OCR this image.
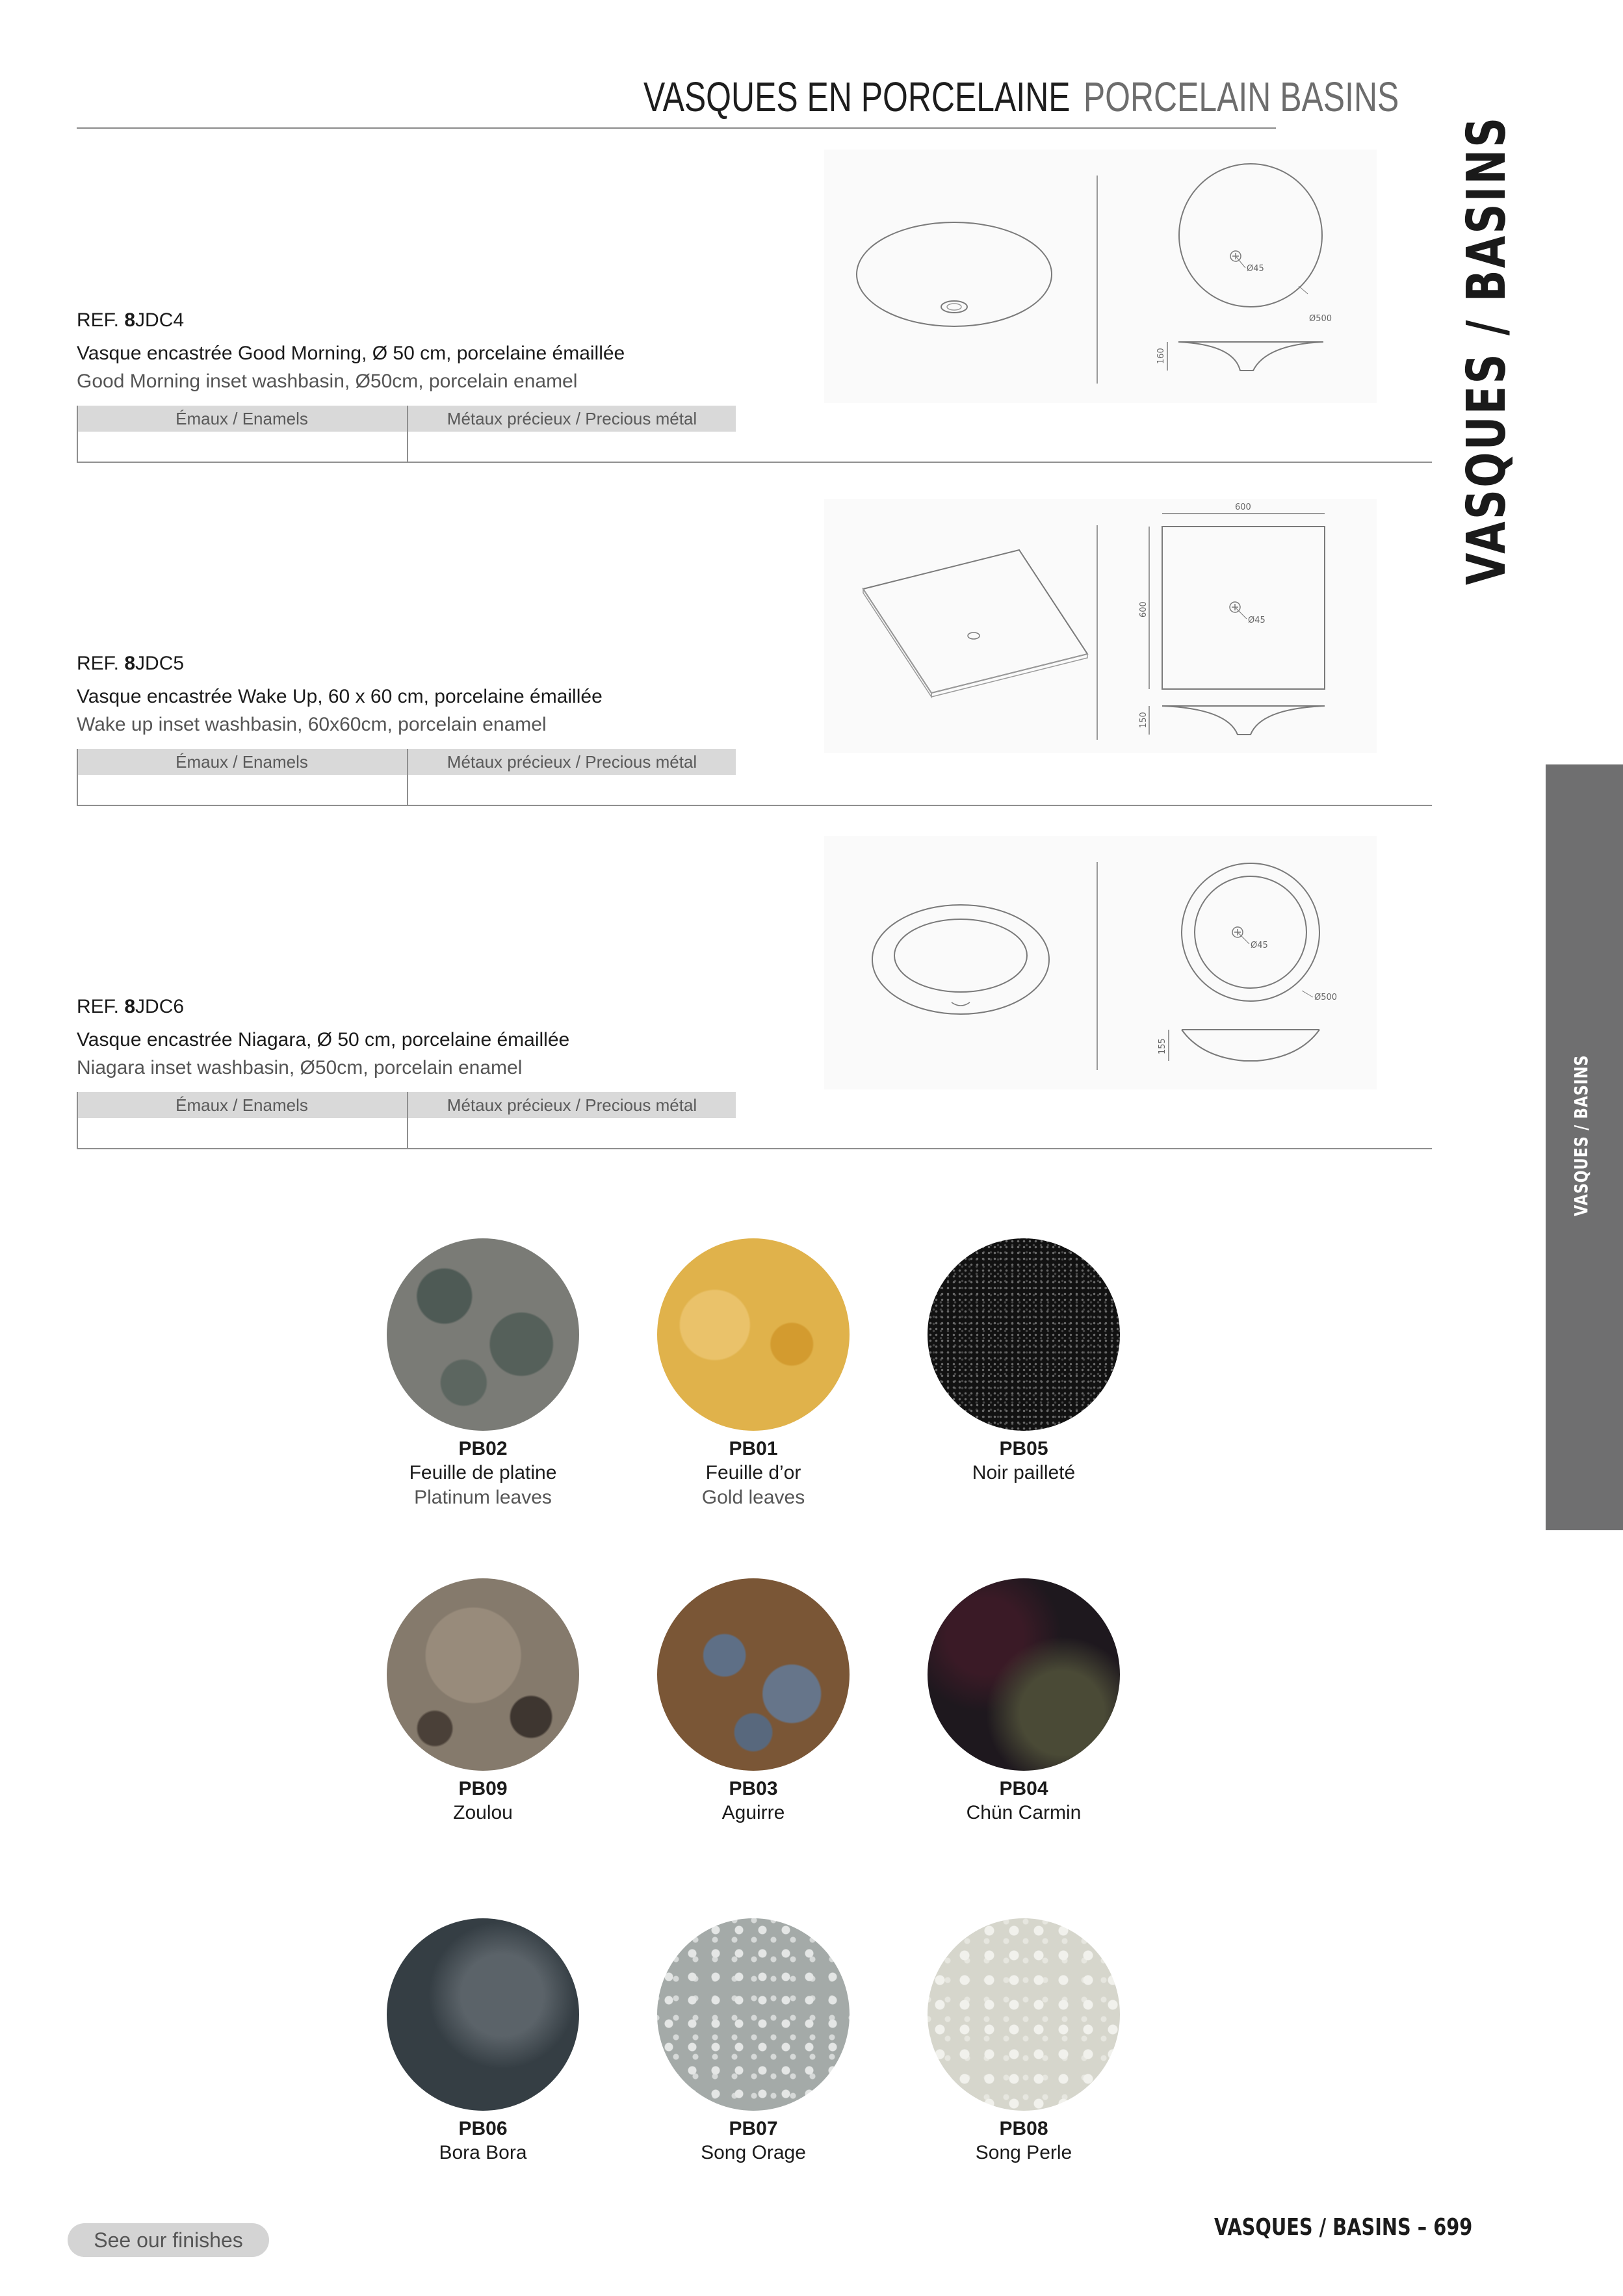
VASQUES EN PORCELAINE PORCELAIN BASINS
VASQUES / BASINS
VASQUES / BASINS
REF. 8JDC4
Vasque encastrée Good Morning, Ø 50 cm, porcelaine émaillée
Good Morning inset washbasin, Ø50cm, porcelain enamel
Émaux / Enamels	Métaux précieux / Precious métal
Ø45
Ø500
160
REF. 8JDC5
Vasque encastrée Wake Up, 60 x 60 cm, porcelaine émaillée
Wake up inset washbasin, 60x60cm, porcelain enamel
Émaux / Enamels	Métaux précieux / Precious métal
600
600
Ø45
150
REF. 8JDC6
Vasque encastrée Niagara, Ø 50 cm, porcelaine émaillée
Niagara inset washbasin, Ø50cm, porcelain enamel
Émaux / Enamels	Métaux précieux / Precious métal
Ø45
Ø500
155
PB02
Feuille de platine
Platinum leaves
PB01
Feuille d’or
Gold leaves
PB05
Noir pailleté
PB09
Zoulou
PB03
Aguirre
PB04
Chün Carmin
PB06
Bora Bora
PB07
Song Orage
PB08
Song Perle
See our finishes	VASQUES / BASINS – 699
